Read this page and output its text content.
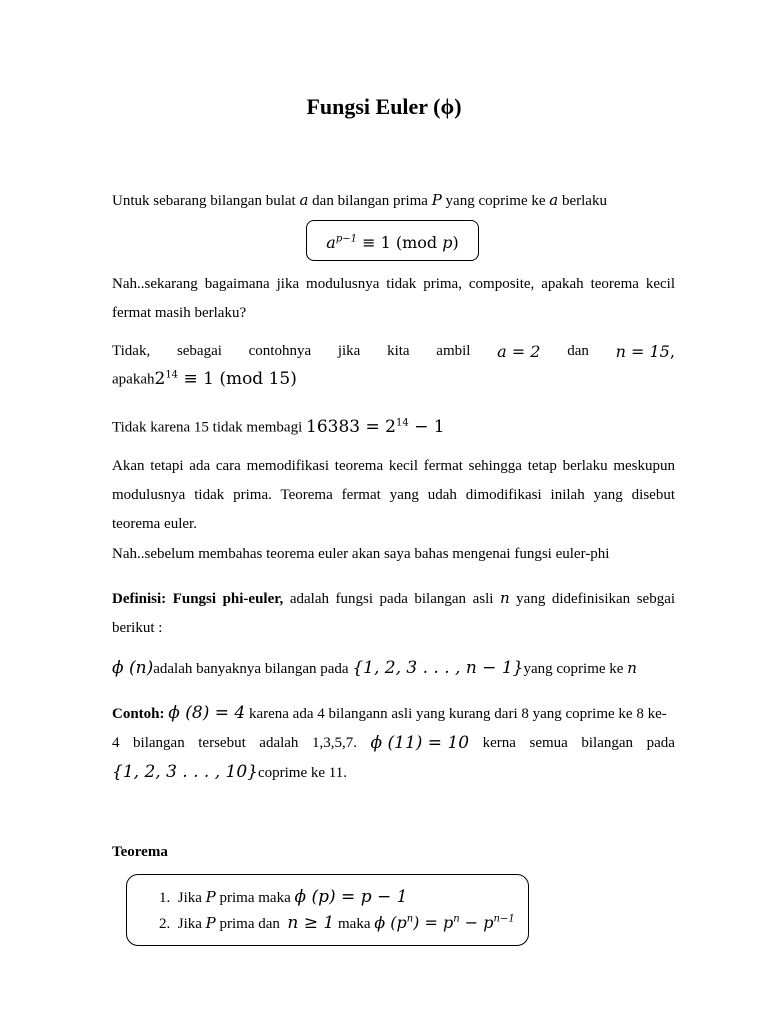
Fungsi Euler (ϕ)
Untuk sebarang bilangan bulat a dan bilangan prima P yang coprime ke a berlaku
$a^{p-1} \equiv 1$ (mod p)
Nah..sekarang bagaimana jika modulusnya tidak prima, composite, apakah teorema kecil fermat masih berlaku?
Tidak, sebagai contohnya jika kita ambil a = 2 dan n = 15,
$apakah2^{14} \equiv 1$ (mod 15)
Tidak karena 15 tidak membagi $16383 = 2^{14} - 1$
Akan tetapi ada cara memodifikasi teorema kecil fermat sehingga tetap berlaku meskupun modulusnya tidak prima. Teorema fermat yang udah dimodifikasi inilah yang disebut teorema euler.
Nah..sebelum membahas teorema euler akan saya bahas mengenai fungsi euler-phi
Definisi: Fungsi phi-euler, adalah fungsi pada bilangan asli n yang didefinisikan sebgai berikut :
ϕ (n)adalah banyaknya bilangan pada {1, 2, 3 . . . , n − 1}yang coprime ke n
Contoh: ϕ (8) = 4 karena ada 4 bilangann asli yang kurang dari 8 yang coprime ke 8 ke-
4 bilangan tersebut adalah 1,3,5,7. ϕ (11) = 10 kerna semua bilangan pada
{1, 2, 3 . . . , 10}coprime ke 11.
Teorema
1. Jika P prima maka ϕ (p) = p − 1
2. Jika P prima dan n ≥ 1 maka ϕ $(p^n) = p^n - p^{n-1}$
